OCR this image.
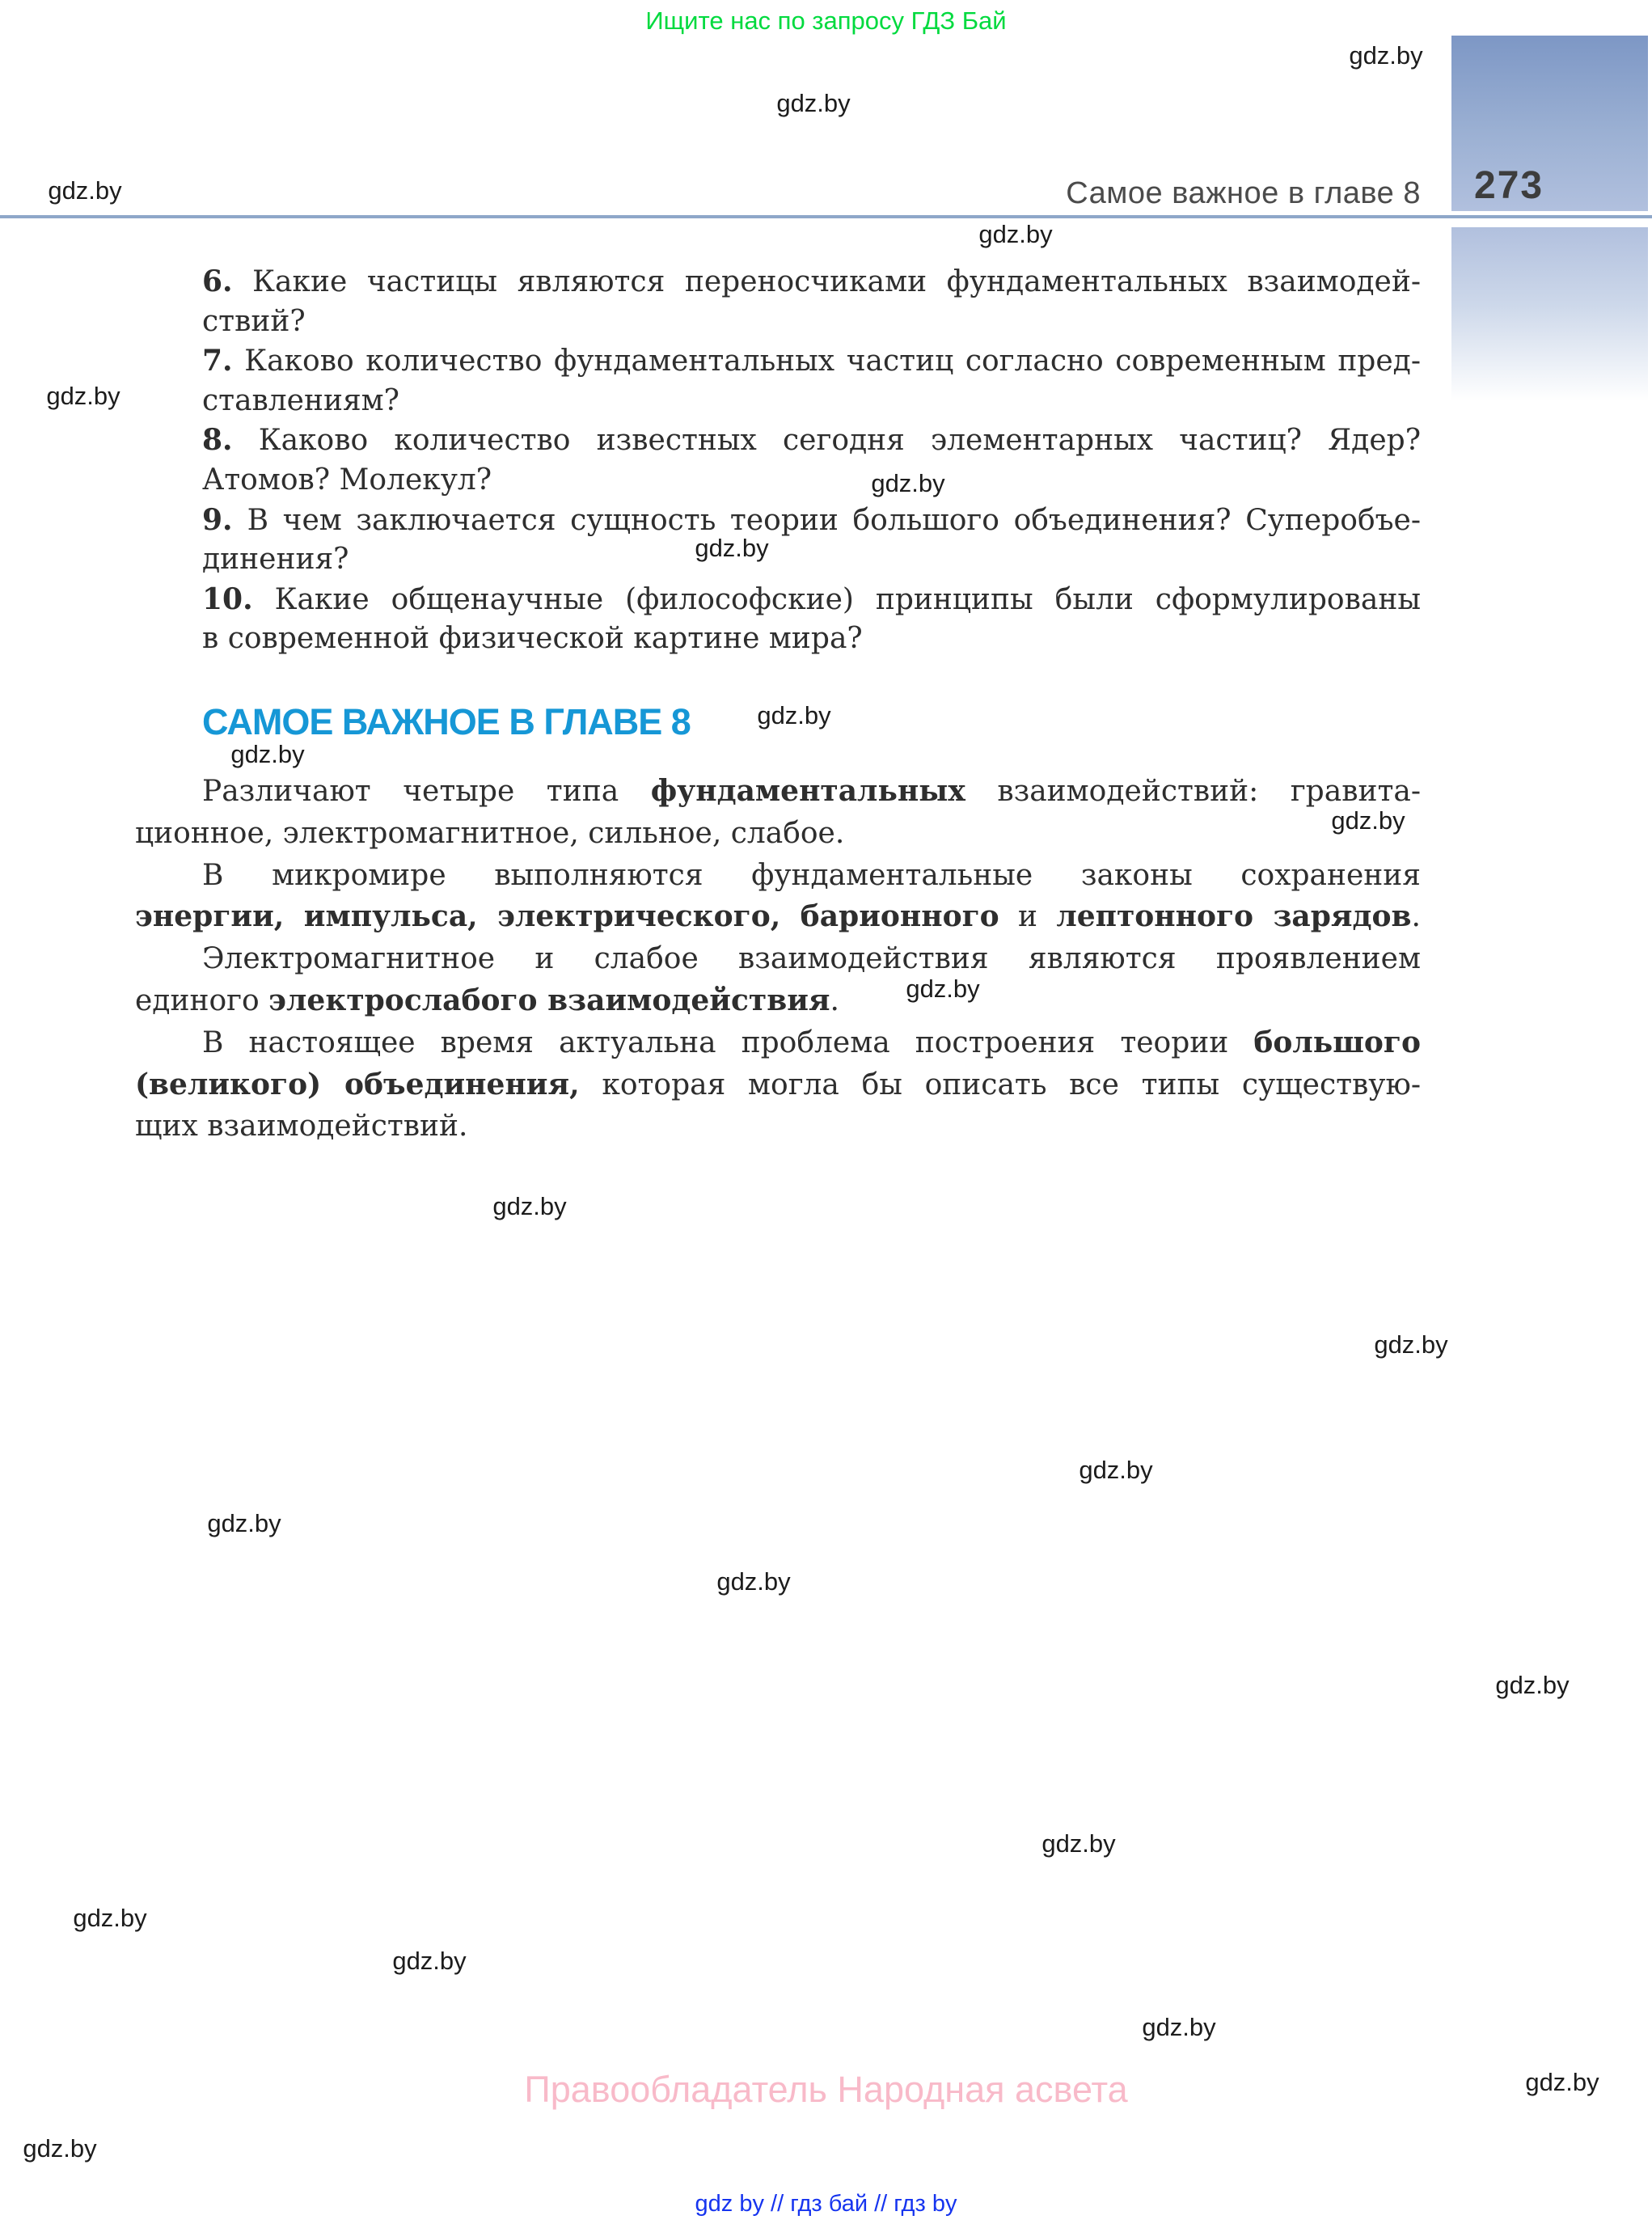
Ищите нас по запросу ГДЗ Бай
gdz.by
gdz.by
gdz.by
gdz.by
gdz.by
gdz.by
gdz.by
gdz.by
gdz.by
gdz.by
gdz.by
gdz.by
gdz.by
gdz.by
gdz.by
gdz.by
gdz.by
gdz.by
gdz.by
gdz.by
gdz.by
gdz.by
gdz.by
273
Самое важное в главе 8
6. Какие частицы являются переносчиками фундаментальных взаимодей-
ствий?
7. Каково количество фундаментальных частиц согласно современным пред-
ставлениям?
8. Каково количество известных сегодня элементарных частиц? Ядер?
Атомов? Молекул?
9. В чем заключается сущность теории большого объединения? Суперобъе-
динения?
10. Какие общенаучные (философские) принципы были сформулированы
в современной физической картине мира?
САМОЕ ВАЖНОЕ В ГЛАВЕ 8
Различают четыре типа фундаментальных взаимодействий: гравита-
ционное, электромагнитное, сильное, слабое.
В микромире выполняются фундаментальные законы сохранения
энергии, импульса, электрического, барионного и лептонного зарядов.
Электромагнитное и слабое взаимодействия являются проявлением
единого электрослабого взаимодействия.
В настоящее время актуальна проблема построения теории большого
(великого) объединения, которая могла бы описать все типы существую-
щих взаимодействий.
Правообладатель Народная асвета
gdz by // гдз бай // гдз by
